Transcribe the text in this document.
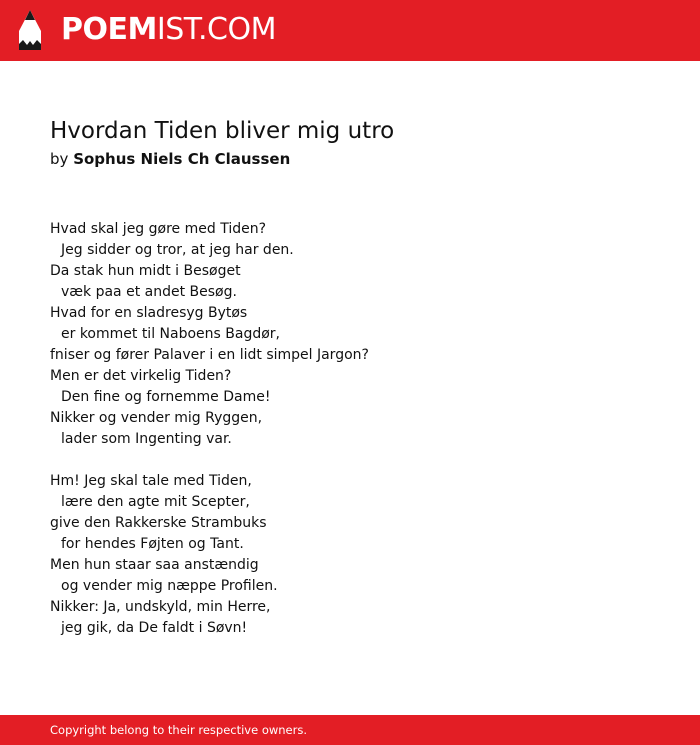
POEMIST.COM
Hvordan Tiden bliver mig utro
by Sophus Niels Ch Claussen
Hvad skal jeg gøre med Tiden?
Jeg sidder og tror, at jeg har den.
Da stak hun midt i Besøget
væk paa et andet Besøg.
Hvad for en sladresyg Bytøs
er kommet til Naboens Bagdør,
fniser og fører Palaver i en lidt simpel Jargon?
Men er det virkelig Tiden?
Den fine og fornemme Dame!
Nikker og vender mig Ryggen,
lader som Ingenting var.
Hm! Jeg skal tale med Tiden,
lære den agte mit Scepter,
give den Rakkerske Strambuks
for hendes Føjten og Tant.
Men hun staar saa anstændig
og vender mig næppe Profilen.
Nikker: Ja, undskyld, min Herre,
jeg gik, da De faldt i Søvn!
Copyright belong to their respective owners.
